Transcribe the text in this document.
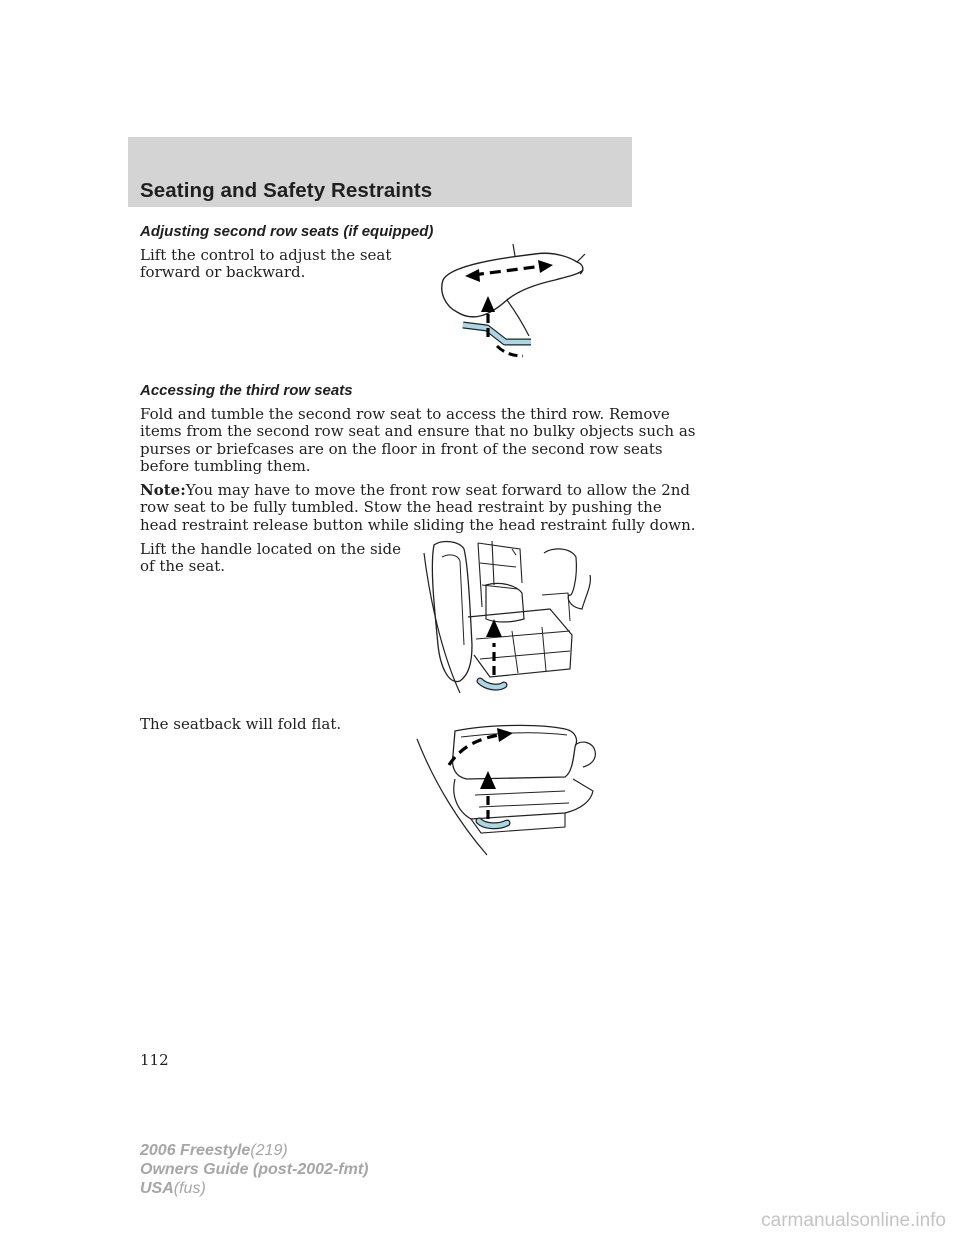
Seating and Safety Restraints
Adjusting second row seats (if equipped)

Lift the control to adjust the seat
forward or backward.

Accessing the third row seats

Fold and tumble the second row seat to access the third row. Remove
items from the second row seat and ensure that no bulky objects such as
purses or briefcases are on the floor in front of the second row seats
before tumbling them.

Note:You may have to move the front row seat forward to allow the 2nd
row seat to be fully tumbled. Stow the head restraint by pushing the
head restraint release button while sliding the head restraint fully down.

Lift the handle located on the side
of the seat.

The seatback will fold flat.

112

2006 Freestyle(219)
Owners Guide (post-2002-fmt)
USA(fus)

carmanualsonline.info
